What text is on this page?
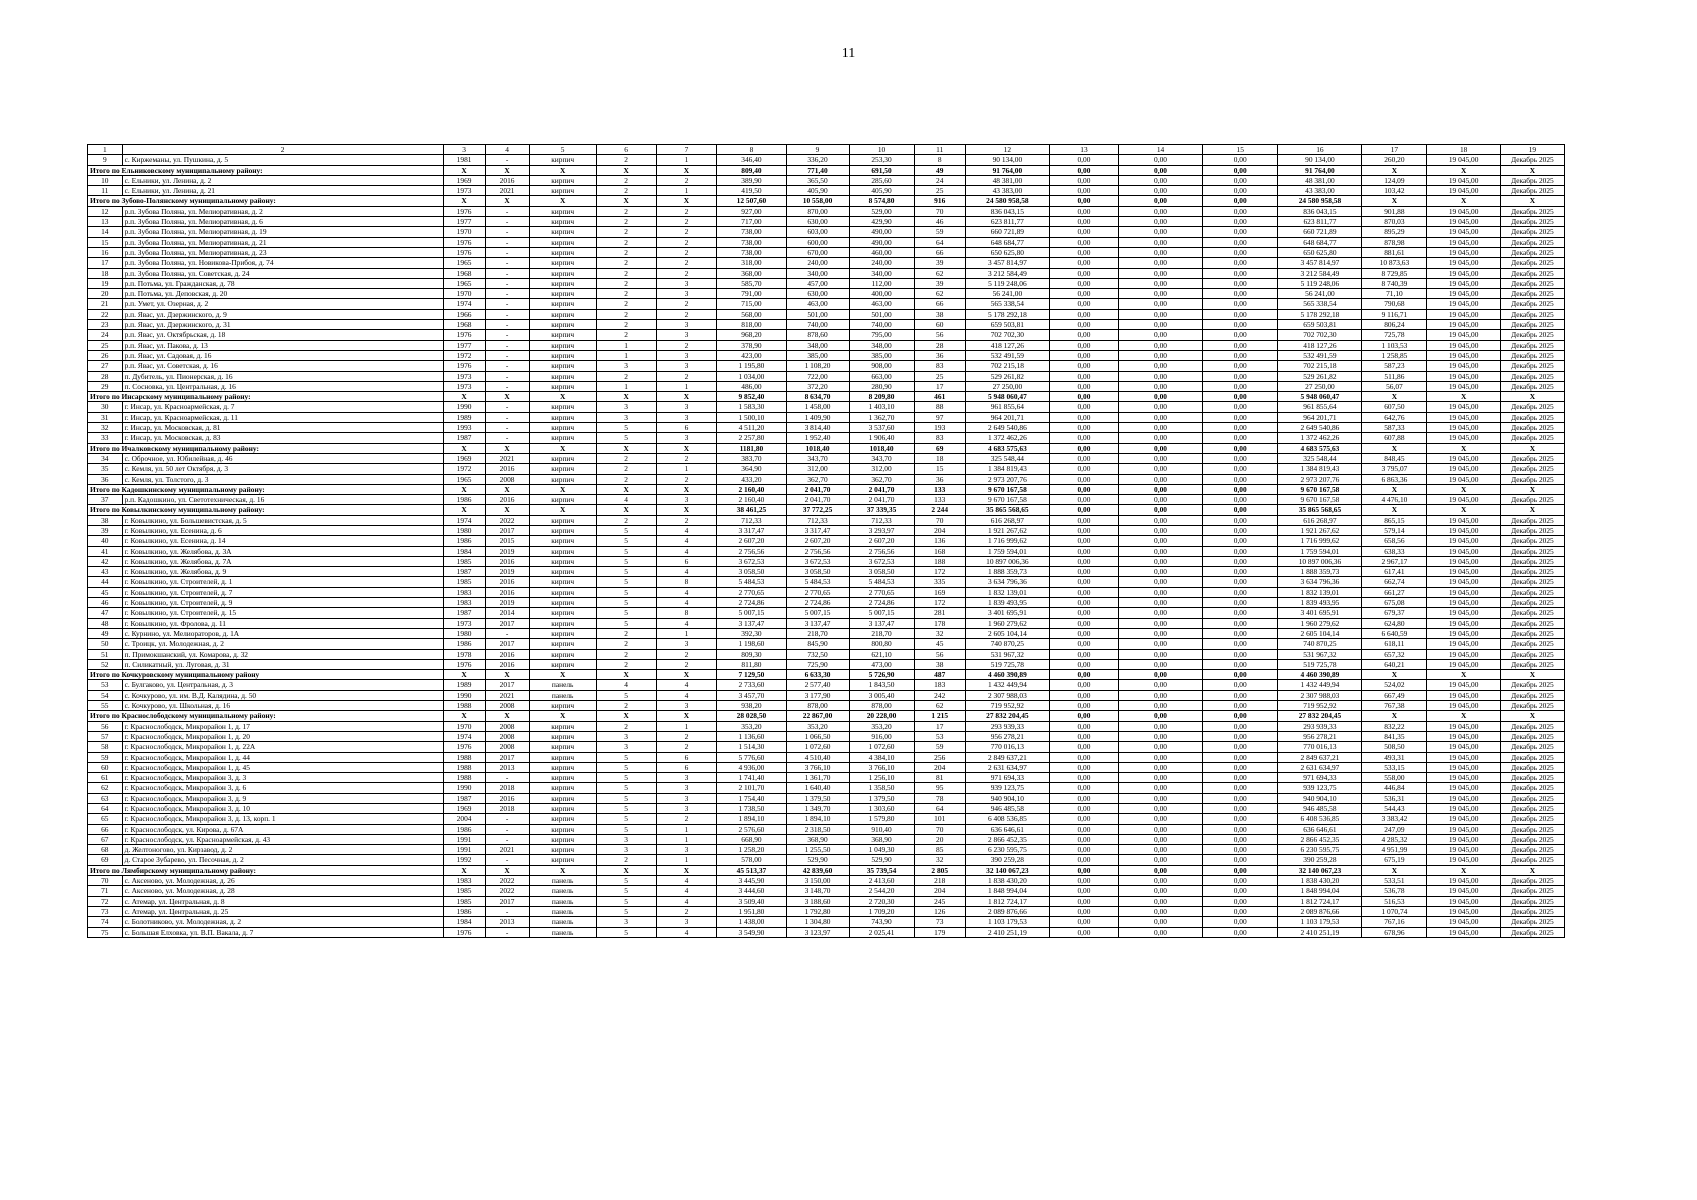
11
1	2	3	4	5	6	7	8	9	10	11	12	13	14	15	16	17	18	19
9	с. Киржеманы, ул. Пушкина, д. 5	1981	-	кирпич	2	1	346,40	336,20	253,30	8	90 134,00	0,00	0,00	0,00	90 134,00	260,20	19 045,00	Декабрь 2025
Итого по Ельниковскому муниципальному району:		X	X	X	X	X	809,40	771,40	691,50	49	91 764,00	0,00	0,00	0,00	91 764,00	X	X	X
10	с. Ельники, ул. Ленина, д. 2	1969	2016	кирпич	2	2	389,90	365,50	285,60	24	48 381,00	0,00	0,00	0,00	48 381,00	124,09	19 045,00	Декабрь 2025
11	с. Ельники, ул. Ленина, д. 21	1973	2021	кирпич	2	1	419,50	405,90	405,90	25	43 383,00	0,00	0,00	0,00	43 383,00	103,42	19 045,00	Декабрь 2025
Итого по Зубово-Полянскому муниципальному району:		X	X	X	X	X	12 507,60	10 558,00	8 574,80	916	24 580 958,58	0,00	0,00	0,00	24 580 958,58	X	X	X
12	р.п. Зубова Поляна, ул. Мелиоративная, д. 2	1976	-	кирпич	2	2	927,00	870,00	529,00	70	836 043,15	0,00	0,00	0,00	836 043,15	901,88	19 045,00	Декабрь 2025
13	р.п. Зубова Поляна, ул. Мелиоративная, д. 6	1977	-	кирпич	2	2	717,00	630,00	429,90	46	623 811,77	0,00	0,00	0,00	623 811,77	870,03	19 045,00	Декабрь 2025
14	р.п. Зубова Поляна, ул. Мелиоративная, д. 19	1970	-	кирпич	2	2	738,00	603,00	490,00	59	660 721,89	0,00	0,00	0,00	660 721,89	895,29	19 045,00	Декабрь 2025
15	р.п. Зубова Поляна, ул. Мелиоративная, д. 21	1976	-	кирпич	2	2	738,00	600,00	490,00	64	648 684,77	0,00	0,00	0,00	648 684,77	878,98	19 045,00	Декабрь 2025
16	р.п. Зубова Поляна, ул. Мелиоративная, д. 23	1976	-	кирпич	2	2	738,00	670,00	460,00	66	650 625,80	0,00	0,00	0,00	650 625,80	881,61	19 045,00	Декабрь 2025
17	р.п. Зубова Поляна, ул. Новикова-Прибоя, д. 74	1965	-	кирпич	2	2	318,00	240,00	240,00	39	3 457 814,97	0,00	0,00	0,00	3 457 814,97	10 873,63	19 045,00	Декабрь 2025
18	р.п. Зубова Поляна, ул. Советская, д. 24	1968	-	кирпич	2	2	368,00	340,00	340,00	62	3 212 584,49	0,00	0,00	0,00	3 212 584,49	8 729,85	19 045,00	Декабрь 2025
19	р.п. Потьма, ул. Гражданская, д. 78	1965	-	кирпич	2	3	585,70	457,00	112,00	39	5 119 248,06	0,00	0,00	0,00	5 119 248,06	8 740,39	19 045,00	Декабрь 2025
20	р.п. Потьма, ул. Деповская, д. 20	1970	-	кирпич	2	3	791,00	630,00	400,00	62	56 241,00	0,00	0,00	0,00	56 241,00	71,10	19 045,00	Декабрь 2025
21	р.п. Умет, ул. Озерная, д. 2	1974	-	кирпич	2	2	715,00	463,00	463,00	66	565 338,54	0,00	0,00	0,00	565 338,54	790,68	19 045,00	Декабрь 2025
22	р.п. Явас, ул. Дзержинского, д. 9	1966	-	кирпич	2	2	568,00	501,00	501,00	38	5 178 292,18	0,00	0,00	0,00	5 178 292,18	9 116,71	19 045,00	Декабрь 2025
23	р.п. Явас, ул. Дзержинского, д. 31	1968	-	кирпич	2	3	818,00	740,00	740,00	60	659 503,81	0,00	0,00	0,00	659 503,81	806,24	19 045,00	Декабрь 2025
24	р.п. Явас, ул. Октябрьская, д. 18	1976	-	кирпич	2	3	968,20	878,60	795,00	56	702 702,30	0,00	0,00	0,00	702 702,30	725,78	19 045,00	Декабрь 2025
25	р.п. Явас, ул. Пакова, д. 13	1977	-	кирпич	1	2	378,90	348,00	348,00	28	418 127,26	0,00	0,00	0,00	418 127,26	1 103,53	19 045,00	Декабрь 2025
26	р.п. Явас, ул. Садовая, д. 16	1972	-	кирпич	1	3	423,00	385,00	385,00	36	532 491,59	0,00	0,00	0,00	532 491,59	1 258,85	19 045,00	Декабрь 2025
27	р.п. Явас, ул. Советская, д. 16	1976	-	кирпич	3	3	1 195,80	1 108,20	908,00	83	702 215,18	0,00	0,00	0,00	702 215,18	587,23	19 045,00	Декабрь 2025
28	п. Дубитель, ул. Пионерская, д. 16	1973	-	кирпич	2	2	1 034,00	722,00	663,00	25	529 261,82	0,00	0,00	0,00	529 261,82	511,86	19 045,00	Декабрь 2025
29	п. Сосновка, ул. Центральная, д. 16	1973	-	кирпич	1	1	486,00	372,20	280,90	17	27 250,00	0,00	0,00	0,00	27 250,00	56,07	19 045,00	Декабрь 2025
Итого по Инсарскому муниципальному району:		X	X	X	X	X	9 852,40	8 634,70	8 209,80	461	5 948 060,47	0,00	0,00	0,00	5 948 060,47	X	X	X
30	г. Инсар, ул. Красноармейская, д. 7	1990	-	кирпич	3	3	1 583,30	1 458,00	1 403,10	88	961 855,64	0,00	0,00	0,00	961 855,64	607,50	19 045,00	Декабрь 2025
31	г. Инсар, ул. Красноармейская, д. 11	1989	-	кирпич	3	3	1 500,10	1 409,90	1 362,70	97	964 201,71	0,00	0,00	0,00	964 201,71	642,76	19 045,00	Декабрь 2025
32	г. Инсар, ул. Московская, д. 81	1993	-	кирпич	5	6	4 511,20	3 814,40	3 537,60	193	2 649 540,86	0,00	0,00	0,00	2 649 540,86	587,33	19 045,00	Декабрь 2025
33	г. Инсар, ул. Московская, д. 83	1987	-	кирпич	5	3	2 257,80	1 952,40	1 906,40	83	1 372 462,26	0,00	0,00	0,00	1 372 462,26	607,88	19 045,00	Декабрь 2025
Итого по Ичалковскому муниципальному району:		X	X	X	X	X	1181,80	1018,40	1018,40	69	4 683 575,63	0,00	0,00	0,00	4 683 575,63	X	X	X
34	с. Оброчное, ул. Юбилейная, д. 46	1969	2021	кирпич	2	2	383,70	343,70	343,70	18	325 548,44	0,00	0,00	0,00	325 548,44	848,45	19 045,00	Декабрь 2025
35	с. Кемля, ул. 50 лет Октября, д. 3	1972	2016	кирпич	2	1	364,90	312,00	312,00	15	1 384 819,43	0,00	0,00	0,00	1 384 819,43	3 795,07	19 045,00	Декабрь 2025
36	с. Кемля, ул. Толстого, д. 3	1965	2008	кирпич	2	2	433,20	362,70	362,70	36	2 973 207,76	0,00	0,00	0,00	2 973 207,76	6 863,36	19 045,00	Декабрь 2025
Итого по Кадошкинскому муниципальному району:		X	X	X	X	X	2 160,40	2 041,70	2 041,70	133	9 670 167,58	0,00	0,00	0,00	9 670 167,58	X	X	X
37	р.п. Кадошкино, ул. Светотехническая, д. 16	1986	2016	кирпич	4	3	2 160,40	2 041,70	2 041,70	133	9 670 167,58	0,00	0,00	0,00	9 670 167,58	4 476,10	19 045,00	Декабрь 2025
Итого по Ковылкинскому муниципальному району:		X	X	X	X	X	38 461,25	37 772,25	37 339,35	2 244	35 865 568,65	0,00	0,00	0,00	35 865 568,65	X	X	X
38	г. Ковылкино, ул. Большевистская, д. 5	1974	2022	кирпич	2	2	712,33	712,33	712,33	70	616 268,97	0,00	0,00	0,00	616 268,97	865,15	19 045,00	Декабрь 2025
39	г. Ковылкино, ул. Есенина, д. 6	1980	2017	кирпич	5	4	3 317,47	3 317,47	3 293,97	204	1 921 267,62	0,00	0,00	0,00	1 921 267,62	579,14	19 045,00	Декабрь 2025
40	г. Ковылкино, ул. Есенина, д. 14	1986	2015	кирпич	5	4	2 607,20	2 607,20	2 607,20	136	1 716 999,62	0,00	0,00	0,00	1 716 999,62	658,56	19 045,00	Декабрь 2025
41	г. Ковылкино, ул. Желябова, д. 3А	1984	2019	кирпич	5	4	2 756,56	2 756,56	2 756,56	168	1 759 594,01	0,00	0,00	0,00	1 759 594,01	638,33	19 045,00	Декабрь 2025
42	г. Ковылкино, ул. Желябова, д. 7А	1985	2016	кирпич	5	6	3 672,53	3 672,53	3 672,53	188	10 897 006,36	0,00	0,00	0,00	10 897 006,36	2 967,17	19 045,00	Декабрь 2025
43	г. Ковылкино, ул. Желябова, д. 9	1987	2019	кирпич	5	4	3 058,50	3 058,50	3 058,50	172	1 888 359,73	0,00	0,00	0,00	1 888 359,73	617,41	19 045,00	Декабрь 2025
44	г. Ковылкино, ул. Строителей, д. 1	1985	2016	кирпич	5	8	5 484,53	5 484,53	5 484,53	335	3 634 796,36	0,00	0,00	0,00	3 634 796,36	662,74	19 045,00	Декабрь 2025
45	г. Ковылкино, ул. Строителей, д. 7	1983	2016	кирпич	5	4	2 770,65	2 770,65	2 770,65	169	1 832 139,01	0,00	0,00	0,00	1 832 139,01	661,27	19 045,00	Декабрь 2025
46	г. Ковылкино, ул. Строителей, д. 9	1983	2019	кирпич	5	4	2 724,86	2 724,86	2 724,86	172	1 839 493,95	0,00	0,00	0,00	1 839 493,95	675,08	19 045,00	Декабрь 2025
47	г. Ковылкино, ул. Строителей, д. 15	1987	2014	кирпич	5	8	5 007,15	5 007,15	5 007,15	281	3 401 695,91	0,00	0,00	0,00	3 401 695,91	679,37	19 045,00	Декабрь 2025
48	г. Ковылкино, ул. Фролова, д. 11	1973	2017	кирпич	5	4	3 137,47	3 137,47	3 137,47	178	1 960 279,62	0,00	0,00	0,00	1 960 279,62	624,80	19 045,00	Декабрь 2025
49	с. Курнино, ул. Мелиораторов, д. 1А	1980	-	кирпич	2	1	392,30	218,70	218,70	32	2 605 104,14	0,00	0,00	0,00	2 605 104,14	6 640,59	19 045,00	Декабрь 2025
50	с. Троицк, ул. Молодежная, д. 2	1986	2017	кирпич	2	3	1 198,60	845,90	800,80	45	740 870,25	0,00	0,00	0,00	740 870,25	618,11	19 045,00	Декабрь 2025
51	п. Примокшанский, ул. Комарова, д. 32	1978	2016	кирпич	2	2	809,30	732,50	621,10	56	531 967,32	0,00	0,00	0,00	531 967,32	657,32	19 045,00	Декабрь 2025
52	п. Силикатный, ул. Луговая, д. 31	1976	2016	кирпич	2	2	811,80	725,90	473,00	38	519 725,78	0,00	0,00	0,00	519 725,78	640,21	19 045,00	Декабрь 2025
Итого по Кочкуровскому муниципальному району		X	X	X	X	X	7 129,50	6 633,30	5 726,90	487	4 460 390,89	0,00	0,00	0,00	4 460 390,89	X	X	X
53	с. Булгаково, ул. Центральная, д. 3	1989	2017	панель	4	4	2 733,60	2 577,40	1 843,50	183	1 432 449,94	0,00	0,00	0,00	1 432 449,94	524,02	19 045,00	Декабрь 2025
54	с. Кочкурово, ул. им. В.Д. Калядина, д. 50	1990	2021	панель	5	4	3 457,70	3 177,90	3 005,40	242	2 307 988,03	0,00	0,00	0,00	2 307 988,03	667,49	19 045,00	Декабрь 2025
55	с. Кочкурово, ул. Школьная, д. 16	1988	2008	кирпич	2	3	938,20	878,00	878,00	62	719 952,92	0,00	0,00	0,00	719 952,92	767,38	19 045,00	Декабрь 2025
Итого по Краснослободскому муниципальному району:		X	X	X	X	X	28 028,50	22 867,00	20 228,00	1 215	27 832 204,45	0,00	0,00	0,00	27 832 204,45	X	X	X
56	г. Краснослободск, Микрорайон 1, д. 17	1970	2008	кирпич	2	1	353,20	353,20	353,20	17	293 939,33	0,00	0,00	0,00	293 939,33	832,22	19 045,00	Декабрь 2025
57	г. Краснослободск, Микрорайон 1, д. 20	1974	2008	кирпич	3	2	1 136,60	1 066,50	916,00	53	956 278,21	0,00	0,00	0,00	956 278,21	841,35	19 045,00	Декабрь 2025
58	г. Краснослободск, Микрорайон 1, д. 22А	1976	2008	кирпич	3	2	1 514,30	1 072,60	1 072,60	59	770 016,13	0,00	0,00	0,00	770 016,13	508,50	19 045,00	Декабрь 2025
59	г. Краснослободск, Микрорайон 1, д. 44	1988	2017	кирпич	5	6	5 776,60	4 510,40	4 384,10	256	2 849 637,21	0,00	0,00	0,00	2 849 637,21	493,31	19 045,00	Декабрь 2025
60	г. Краснослободск, Микрорайон 1, д. 45	1988	2013	кирпич	5	6	4 936,00	3 766,10	3 766,10	204	2 631 634,97	0,00	0,00	0,00	2 631 634,97	533,15	19 045,00	Декабрь 2025
61	г. Краснослободск, Микрорайон 3, д. 3	1988	-	кирпич	5	3	1 741,40	1 361,70	1 256,10	81	971 694,33	0,00	0,00	0,00	971 694,33	558,00	19 045,00	Декабрь 2025
62	г. Краснослободск, Микрорайон 3, д. 6	1990	2018	кирпич	5	3	2 101,70	1 640,40	1 358,50	95	939 123,75	0,00	0,00	0,00	939 123,75	446,84	19 045,00	Декабрь 2025
63	г. Краснослободск, Микрорайон 3, д. 9	1987	2016	кирпич	5	3	1 754,40	1 379,50	1 379,50	78	940 904,10	0,00	0,00	0,00	940 904,10	536,31	19 045,00	Декабрь 2025
64	г. Краснослободск, Микрорайон 3, д. 10	1969	2018	кирпич	5	3	1 738,50	1 349,70	1 303,60	64	946 485,58	0,00	0,00	0,00	946 485,58	544,43	19 045,00	Декабрь 2025
65	г. Краснослободск, Микрорайон 3, д. 13, корп. 1	2004	-	кирпич	5	2	1 894,10	1 894,10	1 579,80	101	6 408 536,85	0,00	0,00	0,00	6 408 536,85	3 383,42	19 045,00	Декабрь 2025
66	г. Краснослободск, ул. Кирова, д. 67А	1986	-	кирпич	5	1	2 576,60	2 318,50	910,40	70	636 646,61	0,00	0,00	0,00	636 646,61	247,09	19 045,00	Декабрь 2025
67	г. Краснослободск, ул. Красноармейская, д. 43	1991	-	кирпич	3	1	668,90	368,90	368,90	20	2 866 452,35	0,00	0,00	0,00	2 866 452,35	4 285,32	19 045,00	Декабрь 2025
68	д. Желтоногово, ул. Кирзавод, д. 2	1991	2021	кирпич	3	3	1 258,20	1 255,50	1 049,30	85	6 230 595,75	0,00	0,00	0,00	6 230 595,75	4 951,99	19 045,00	Декабрь 2025
69	д. Старое Зубарево, ул. Песочная, д. 2	1992	-	кирпич	2	1	578,00	529,90	529,90	32	390 259,28	0,00	0,00	0,00	390 259,28	675,19	19 045,00	Декабрь 2025
Итого по Лямбирскому муниципальному району:		X	X	X	X	X	45 513,37	42 839,60	35 739,54	2 805	32 140 067,23	0,00	0,00	0,00	32 140 067,23	X	X	X
70	с. Аксеново, ул. Молодежная, д. 26	1983	2022	панель	5	4	3 445,90	3 150,00	2 413,60	218	1 838 430,20	0,00	0,00	0,00	1 838 430,20	533,51	19 045,00	Декабрь 2025
71	с. Аксеново, ул. Молодежная, д. 28	1985	2022	панель	5	4	3 444,60	3 148,70	2 544,20	204	1 848 994,04	0,00	0,00	0,00	1 848 994,04	536,78	19 045,00	Декабрь 2025
72	с. Атемар, ул. Центральная, д. 8	1985	2017	панель	5	4	3 509,40	3 188,60	2 720,30	245	1 812 724,17	0,00	0,00	0,00	1 812 724,17	516,53	19 045,00	Декабрь 2025
73	с. Атемар, ул. Центральная, д. 25	1986	-	панель	5	2	1 951,80	1 792,80	1 709,20	126	2 089 876,66	0,00	0,00	0,00	2 089 876,66	1 070,74	19 045,00	Декабрь 2025
74	с. Болотниково, ул. Молодежная, д. 2	1984	2013	панель	3	3	1 438,00	1 304,80	743,90	73	1 103 179,53	0,00	0,00	0,00	1 103 179,53	767,16	19 045,00	Декабрь 2025
75	с. Большая Елховка, ул. В.П. Вакала, д. 7	1976	-	панель	5	4	3 549,90	3 123,97	2 025,41	179	2 410 251,19	0,00	0,00	0,00	2 410 251,19	678,96	19 045,00	Декабрь 2025
